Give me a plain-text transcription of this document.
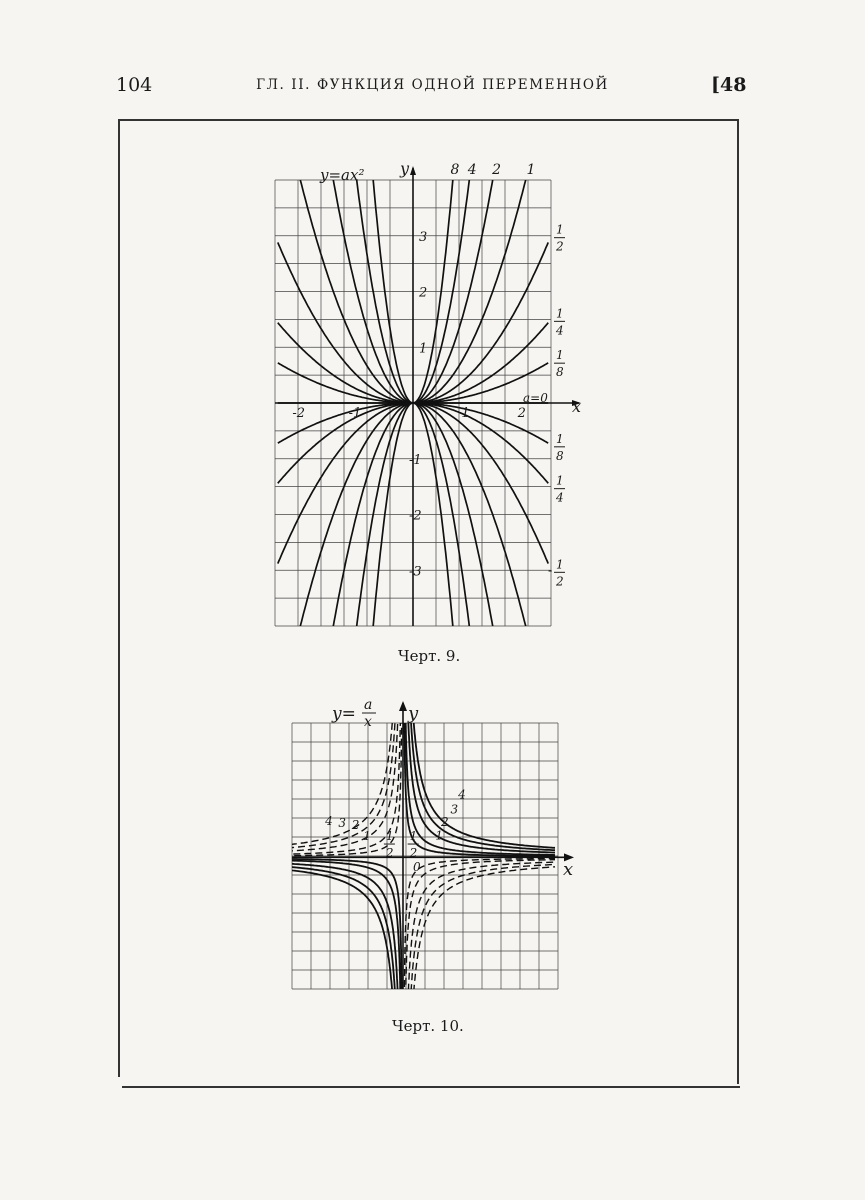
104	ГЛ. II. ФУНКЦИЯ ОДНОЙ ПЕРЕМЕННОЙ	[48
y=ax² y
x
a=0
-2	-1	1	2
3
2
1
-1
-2
-3
8 4 2 1
1
2
1
4
1
8
1
8
1
4
- 1
2
Черт. 9.
y= a
x y
x
0
4
3
2
1
1
2
4 3 2
1 1
2
Черт. 10.
